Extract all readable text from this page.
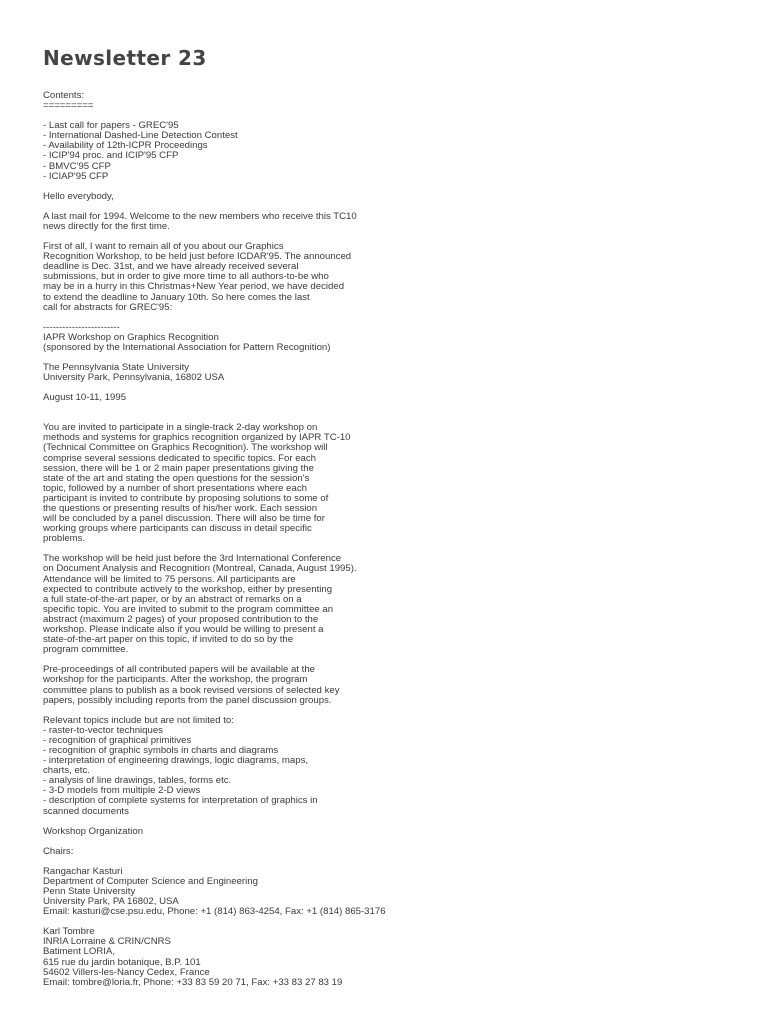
Newsletter 23
Contents:
=========
- Last call for papers - GREC'95
- International Dashed-Line Detection Contest
- Availability of 12th-ICPR Proceedings
- ICIP'94 proc. and ICIP'95 CFP
- BMVC'95 CFP
- ICIAP'95 CFP
Hello everybody,
A last mail for 1994. Welcome to the new members who receive this TC10
news directly for the first time.
First of all, I want to remain all of you about our Graphics
Recognition Workshop, to be held just before ICDAR'95. The announced
deadline is Dec. 31st, and we have already received several
submissions, but in order to give more time to all authors-to-be who
may be in a hurry in this Christmas+New Year period, we have decided
to extend the deadline to January 10th. So here comes the last
call for abstracts for GREC'95:
------------------------
IAPR Workshop on Graphics Recognition
(sponsored by the International Association for Pattern Recognition)
The Pennsylvania State University
University Park, Pennsylvania, 16802 USA
August 10-11, 1995
You are invited to participate in a single-track 2-day workshop on
methods and systems for graphics recognition organized by IAPR TC-10
(Technical Committee on Graphics Recognition). The workshop will
comprise several sessions dedicated to specific topics. For each
session, there will be 1 or 2 main paper presentations giving the
state of the art and stating the open questions for the session's
topic, followed by a number of short presentations where each
participant is invited to contribute by proposing solutions to some of
the questions or presenting results of his/her work. Each session
will be concluded by a panel discussion. There will also be time for
working groups where participants can discuss in detail specific
problems.
The workshop will be held just before the 3rd International Conference
on Document Analysis and Recognition (Montreal, Canada, August 1995).
Attendance will be limited to 75 persons. All participants are
expected to contribute actively to the workshop, either by presenting
a full state-of-the-art paper, or by an abstract of remarks on a
specific topic. You are invited to submit to the program committee an
abstract (maximum 2 pages) of your proposed contribution to the
workshop. Please indicate also if you would be willing to present a
state-of-the-art paper on this topic, if invited to do so by the
program committee.
Pre-proceedings of all contributed papers will be available at the
workshop for the participants. After the workshop, the program
committee plans to publish as a book revised versions of selected key
papers, possibly including reports from the panel discussion groups.
Relevant topics include but are not limited to:
- raster-to-vector techniques
- recognition of graphical primitives
- recognition of graphic symbols in charts and diagrams
- interpretation of engineering drawings, logic diagrams, maps,
charts, etc.
- analysis of line drawings, tables, forms etc.
- 3-D models from multiple 2-D views
- description of complete systems for interpretation of graphics in
scanned documents
Workshop Organization
Chairs:
Rangachar Kasturi
Department of Computer Science and Engineering
Penn State University
University Park, PA 16802, USA
Email: kasturi@cse.psu.edu, Phone: +1 (814) 863-4254, Fax: +1 (814) 865-3176
Karl Tombre
INRIA Lorraine & CRIN/CNRS
Batiment LORIA,
615 rue du jardin botanique, B.P. 101
54602 Villers-les-Nancy Cedex, France
Email: tombre@loria.fr, Phone: +33 83 59 20 71, Fax: +33 83 27 83 19
